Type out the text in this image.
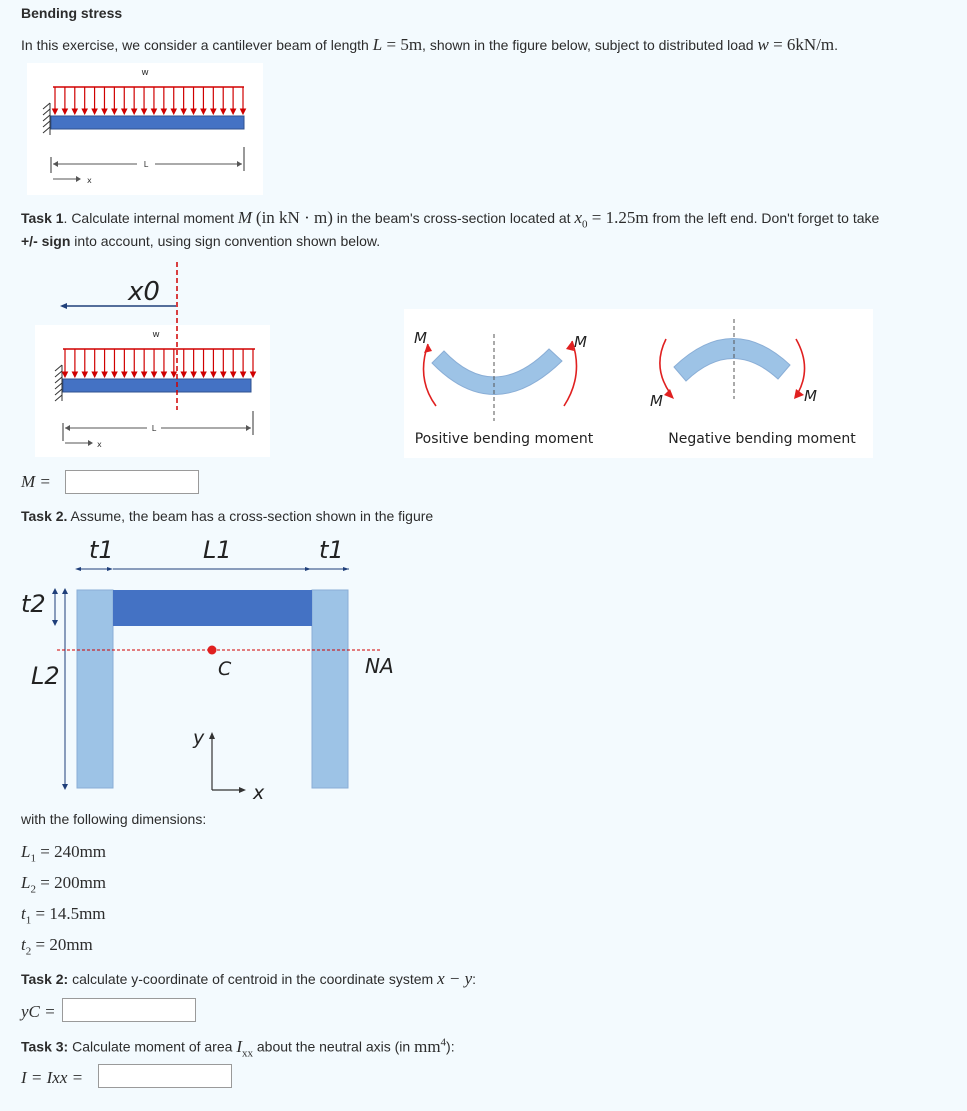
Bending stress
In this exercise, we consider a cantilever beam of length L = 5m, shown in the figure below, subject to distributed load w = 6kN/m.
w
L
x
Task 1. Calculate internal moment M (in kN · m) in the beam's cross-section located at $x_0 = 1.25m$ from the left end. Don't forget to take
+/- sign into account, using sign convention shown below.
x0
w
L
x
M	M
Positive bending moment
M	M
Negative bending moment
M =
Task 2. Assume, the beam has a cross-section shown in the figure
t1	L1	t1
t2
L2	C	NA
y
x
with the following dimensions:
$L_1 = 240mm$
$L_2 = 200mm$
$t_1 = 14.5mm$
$t_2 = 20mm$
Task 2: calculate y-coordinate of centroid in the coordinate system x − y:
yC =
Task 3: Calculate moment of area $I_{xx}$ about the neutral axis (in $mm^4$):
I = Ixx =
